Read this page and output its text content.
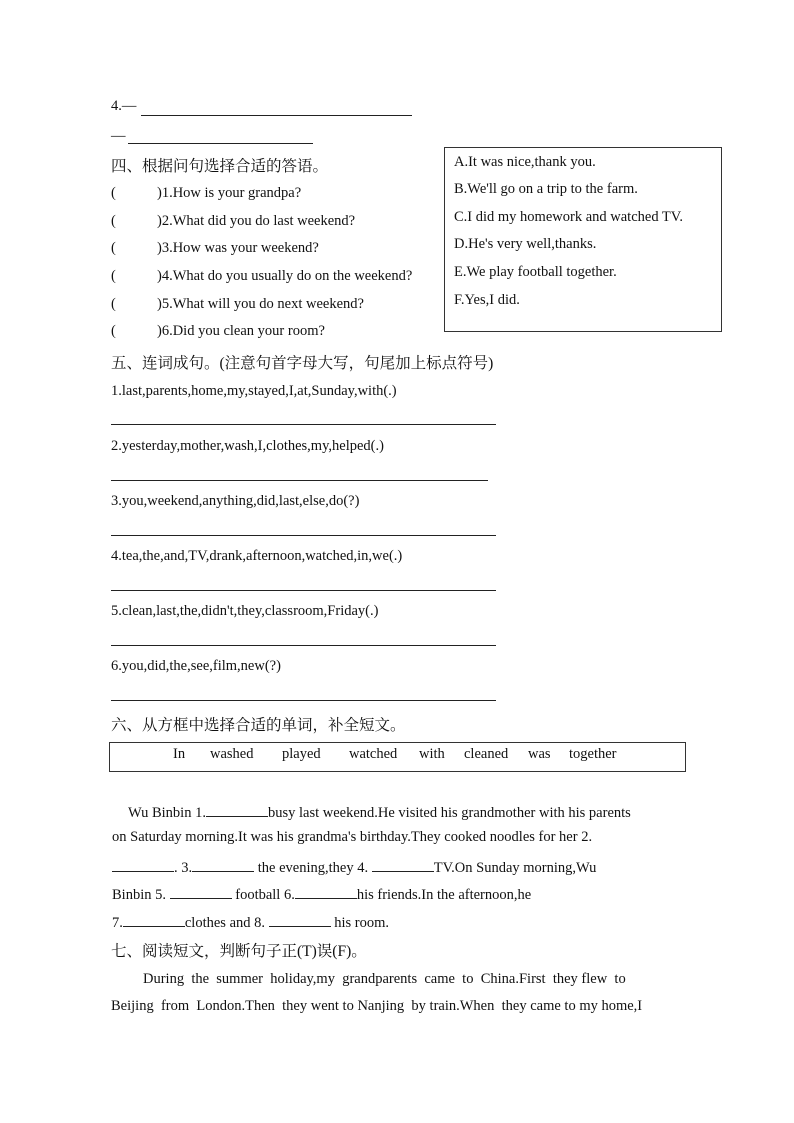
4.—
—
四、根据问句选择合适的答语。
(	)1.How is your grandpa?
(	)2.What did you do last weekend?
(	)3.How was your weekend?
(	)4.What do you usually do on the weekend?
(	)5.What will you do next weekend?
(	)6.Did you clean your room?
A.It was nice,thank you.
B.We'll go on a trip to the farm.
C.I did my homework and watched TV.
D.He's very well,thanks.
E.We play football together.
F.Yes,I did.
五、连词成句。(注意句首字母大写，句尾加上标点符号)
1.last,parents,home,my,stayed,I,at,Sunday,with(.)
2.yesterday,mother,wash,I,clothes,my,helped(.)
3.you,weekend,anything,did,last,else,do(?)
4.tea,the,and,TV,drank,afternoon,watched,in,we(.)
5.clean,last,the,didn't,they,classroom,Friday(.)
6.you,did,the,see,film,new(?)
六、从方框中选择合适的单词，补全短文。
In washed played watched with cleaned was together
Wu Binbin 1.	busy last weekend.He visited his grandmother with his parents
on Saturday morning.It was his grandma's birthday.They cooked noodles for her 2.
. 3.	the evening,they 4.	TV.On Sunday morning,Wu
Binbin 5.	football 6.	his friends.In the afternoon,he
7.	clothes and 8.	his room.
七、阅读短文，判断句子正(T)误(F)。
During  the  summer  holiday,my  grandparents  came  to  China.First  they flew  to
Beijing  from  London.Then  they went to Nanjing  by train.When  they came to my home,I
